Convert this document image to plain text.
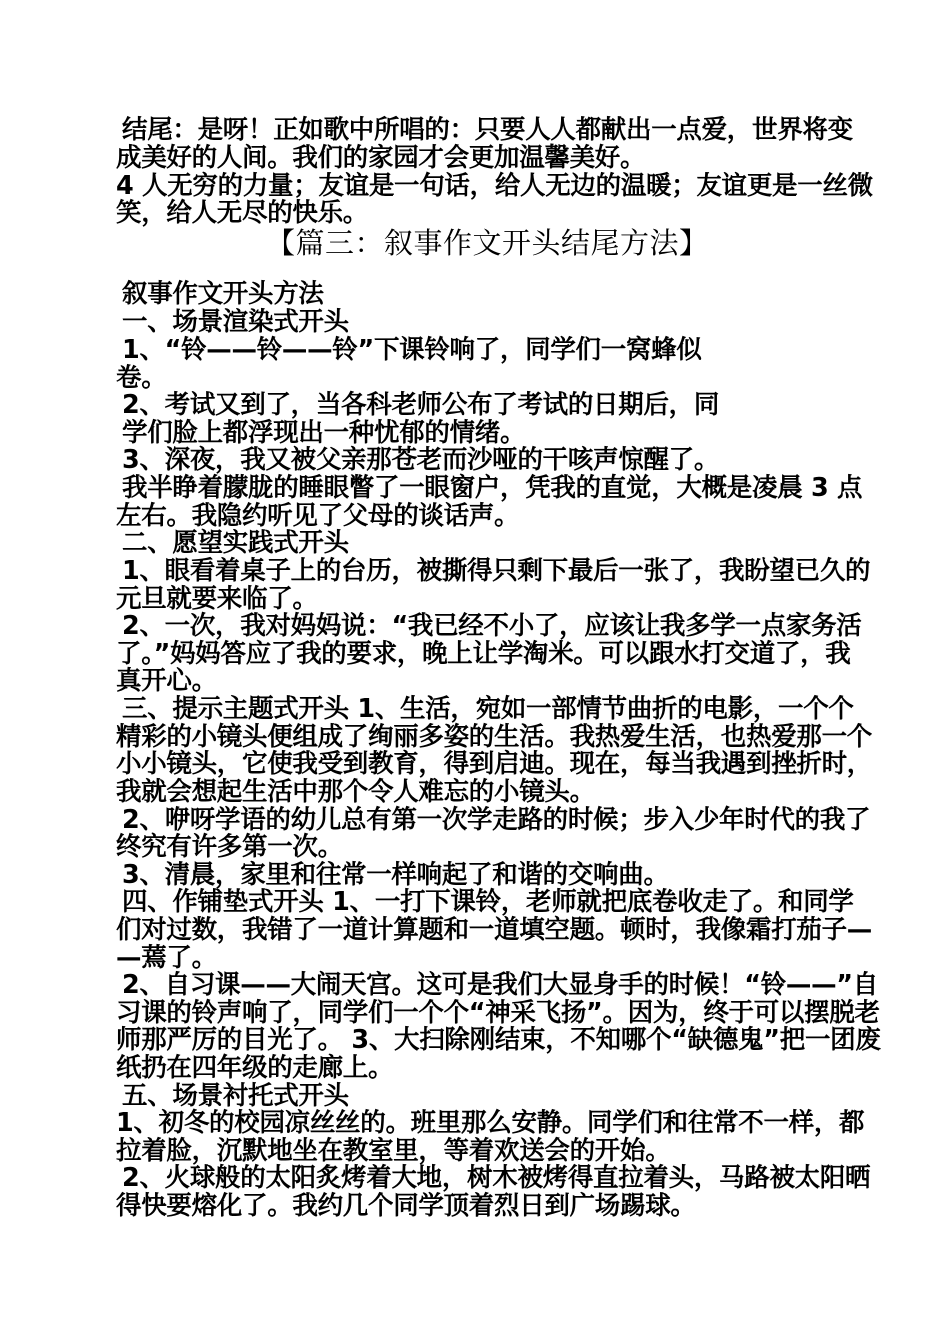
结尾：是呀！正如歌中所唱的：只要人人都献出一点爱，世界将变
成美好的人间。我们的家园才会更加温馨美好。
4 人无穷的力量；友谊是一句话，给人无边的温暖；友谊更是一丝微
笑，给人无尽的快乐。
【篇三：叙事作文开头结尾方法】
叙事作文开头方法
一、场景渲染式开头
1、“铃——铃——铃”下课铃响了，同学们一窝蜂似
卷。
2、考试又到了，当各科老师公布了考试的日期后，同
学们脸上都浮现出一种忧郁的情绪。
3、深夜，我又被父亲那苍老而沙哑的干咳声惊醒了。
我半睁着朦胧的睡眼瞥了一眼窗户，凭我的直觉，大概是凌晨 3 点
左右。我隐约听见了父母的谈话声。
二、愿望实践式开头
1、眼看着桌子上的台历，被撕得只剩下最后一张了，我盼望已久的
元旦就要来临了。
2、一次，我对妈妈说：“我已经不小了，应该让我多学一点家务活
了。”妈妈答应了我的要求，晚上让学淘米。可以跟水打交道了，我
真开心。
三、提示主题式开头 1、生活，宛如一部情节曲折的电影，一个个
精彩的小镜头便组成了绚丽多姿的生活。我热爱生活，也热爱那一个
小小镜头，它使我受到教育，得到启迪。现在，每当我遇到挫折时，
我就会想起生活中那个令人难忘的小镜头。
2、咿呀学语的幼儿总有第一次学走路的时候；步入少年时代的我了
终究有许多第一次。
3、清晨，家里和往常一样响起了和谐的交响曲。
四、作铺垫式开头 1、一打下课铃，老师就把底卷收走了。和同学
们对过数，我错了一道计算题和一道填空题。顿时，我像霜打茄子—
—蔫了。
2、自习课——大闹天宫。这可是我们大显身手的时候！“铃——”自
习课的铃声响了，同学们一个个“神采飞扬”。因为，终于可以摆脱老
师那严厉的目光了。 3、大扫除刚结束，不知哪个“缺德鬼”把一团废
纸扔在四年级的走廊上。
五、场景衬托式开头
1、初冬的校园凉丝丝的。班里那么安静。同学们和往常不一样，都
拉着脸，沉默地坐在教室里，等着欢送会的开始。
2、火球般的太阳炙烤着大地，树木被烤得直拉着头，马路被太阳晒
得快要熔化了。我约几个同学顶着烈日到广场踢球。
